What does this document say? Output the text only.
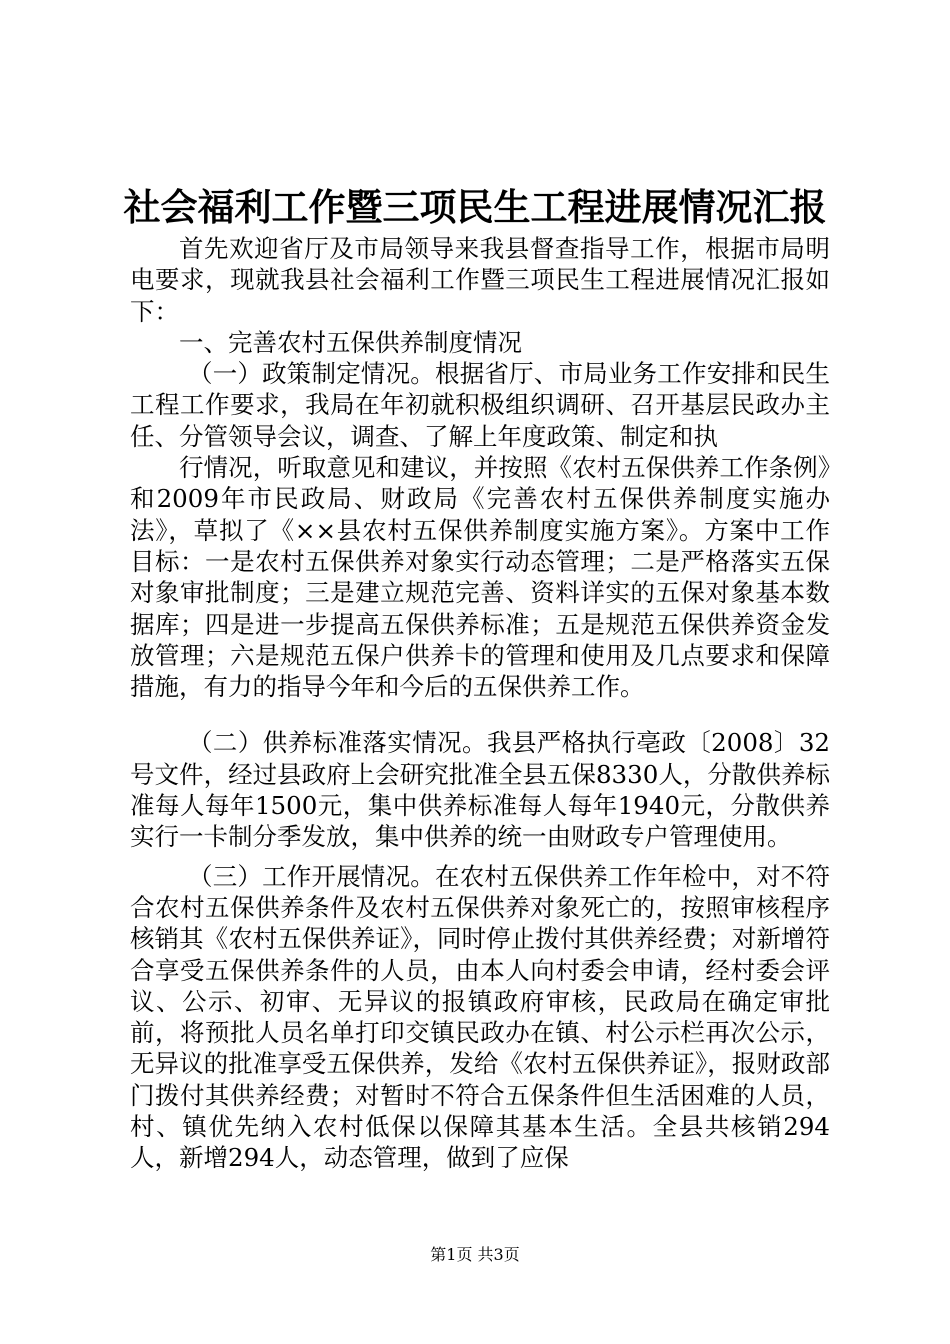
社会福利工作暨三项民生工程进展情况汇报

首先欢迎省厅及市局领导来我县督查指导工作，根据市局明电要求，现就我县社会福利工作暨三项民生工程进展情况汇报如下：

一、完善农村五保供养制度情况

（一）政策制定情况。根据省厅、市局业务工作安排和民生工程工作要求，我局在年初就积极组织调研、召开基层民政办主任、分管领导会议，调查、了解上年度政策、制定和执

行情况，听取意见和建议，并按照《农村五保供养工作条例》和2009年市民政局、财政局《完善农村五保供养制度实施办法》，草拟了《××县农村五保供养制度实施方案》。方案中工作目标：一是农村五保供养对象实行动态管理；二是严格落实五保对象审批制度；三是建立规范完善、资料详实的五保对象基本数据库；四是进一步提高五保供养标准；五是规范五保供养资金发放管理；六是规范五保户供养卡的管理和使用及几点要求和保障措施，有力的指导今年和今后的五保供养工作。

（二）供养标准落实情况。我县严格执行亳政〔2008〕32号文件，经过县政府上会研究批准全县五保8330人，分散供养标准每人每年1500元，集中供养标准每人每年1940元，分散供养实行一卡制分季发放，集中供养的统一由财政专户管理使用。

（三）工作开展情况。在农村五保供养工作年检中，对不符合农村五保供养条件及农村五保供养对象死亡的，按照审核程序核销其《农村五保供养证》，同时停止拨付其供养经费；对新增符合享受五保供养条件的人员，由本人向村委会申请，经村委会评议、公示、初审、无异议的报镇政府审核，民政局在确定审批前，将预批人员名单打印交镇民政办在镇、村公示栏再次公示，无异议的批准享受五保供养，发给《农村五保供养证》，报财政部门拨付其供养经费；对暂时不符合五保条件但生活困难的人员，村、镇优先纳入农村低保以保障其基本生活。全县共核销294人，新增294人，动态管理，做到了应保

第1页 共3页
